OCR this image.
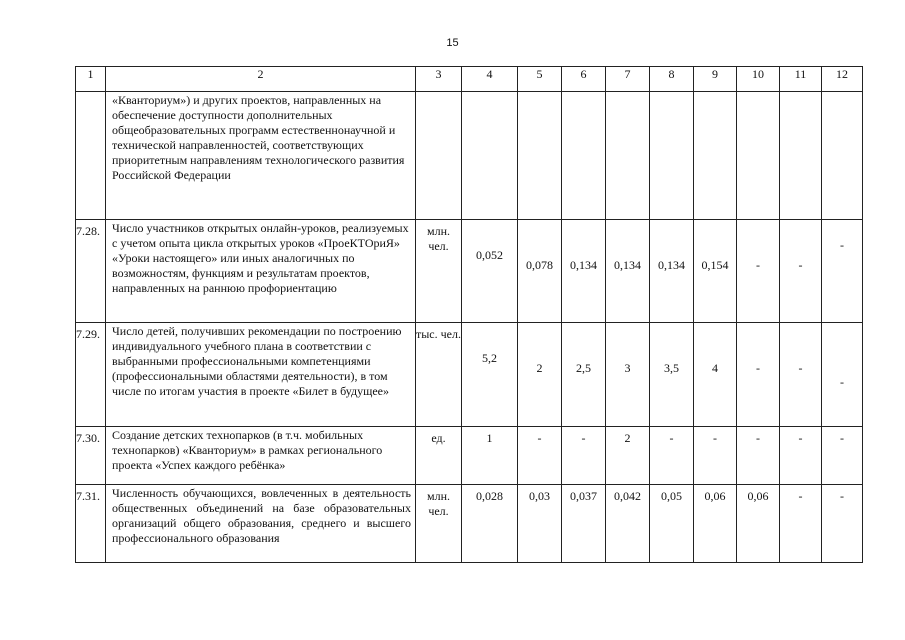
15
1	2	3	4	5	6	7	8	9	10	11	12
	«Кванториум») и других проектов, направленных на обеспечение доступности дополнительных общеобразовательных программ естественнонаучной и технической направленностей, соответствующих приоритетным направлениям технологического развития Российской Федерации										
7.28.	Число участников открытых онлайн-уроков, реализуемых с учетом опыта цикла открытых уроков «ПроеКТОриЯ» «Уроки настоящего» или иных аналогичных по возможностям, функциям и результатам проектов, направленных на раннюю профориентацию	млн. чел.	0,052	0,078	0,134	0,134	0,134	0,154	-	-	-
7.29.	Число детей, получивших рекомендации по построению индивидуального учебного плана в соответствии с выбранными профессиональными компетенциями (профессиональными областями деятельности), в том числе по итогам участия в проекте «Билет в будущее»	тыс. чел.	5,2	2	2,5	3	3,5	4	-	-	-
7.30.	Создание детских технопарков (в т.ч. мобильных технопарков) «Кванториум» в рамках регионального проекта «Успех каждого ребёнка»	ед.	1	-	-	2	-	-	-	-	-
7.31.	Численность обучающихся, вовлеченных в деятельность общественных объединений на базе образовательных организаций общего образования, среднего и высшего профессионального образования	млн. чел.	0,028	0,03	0,037	0,042	0,05	0,06	0,06	-	-
